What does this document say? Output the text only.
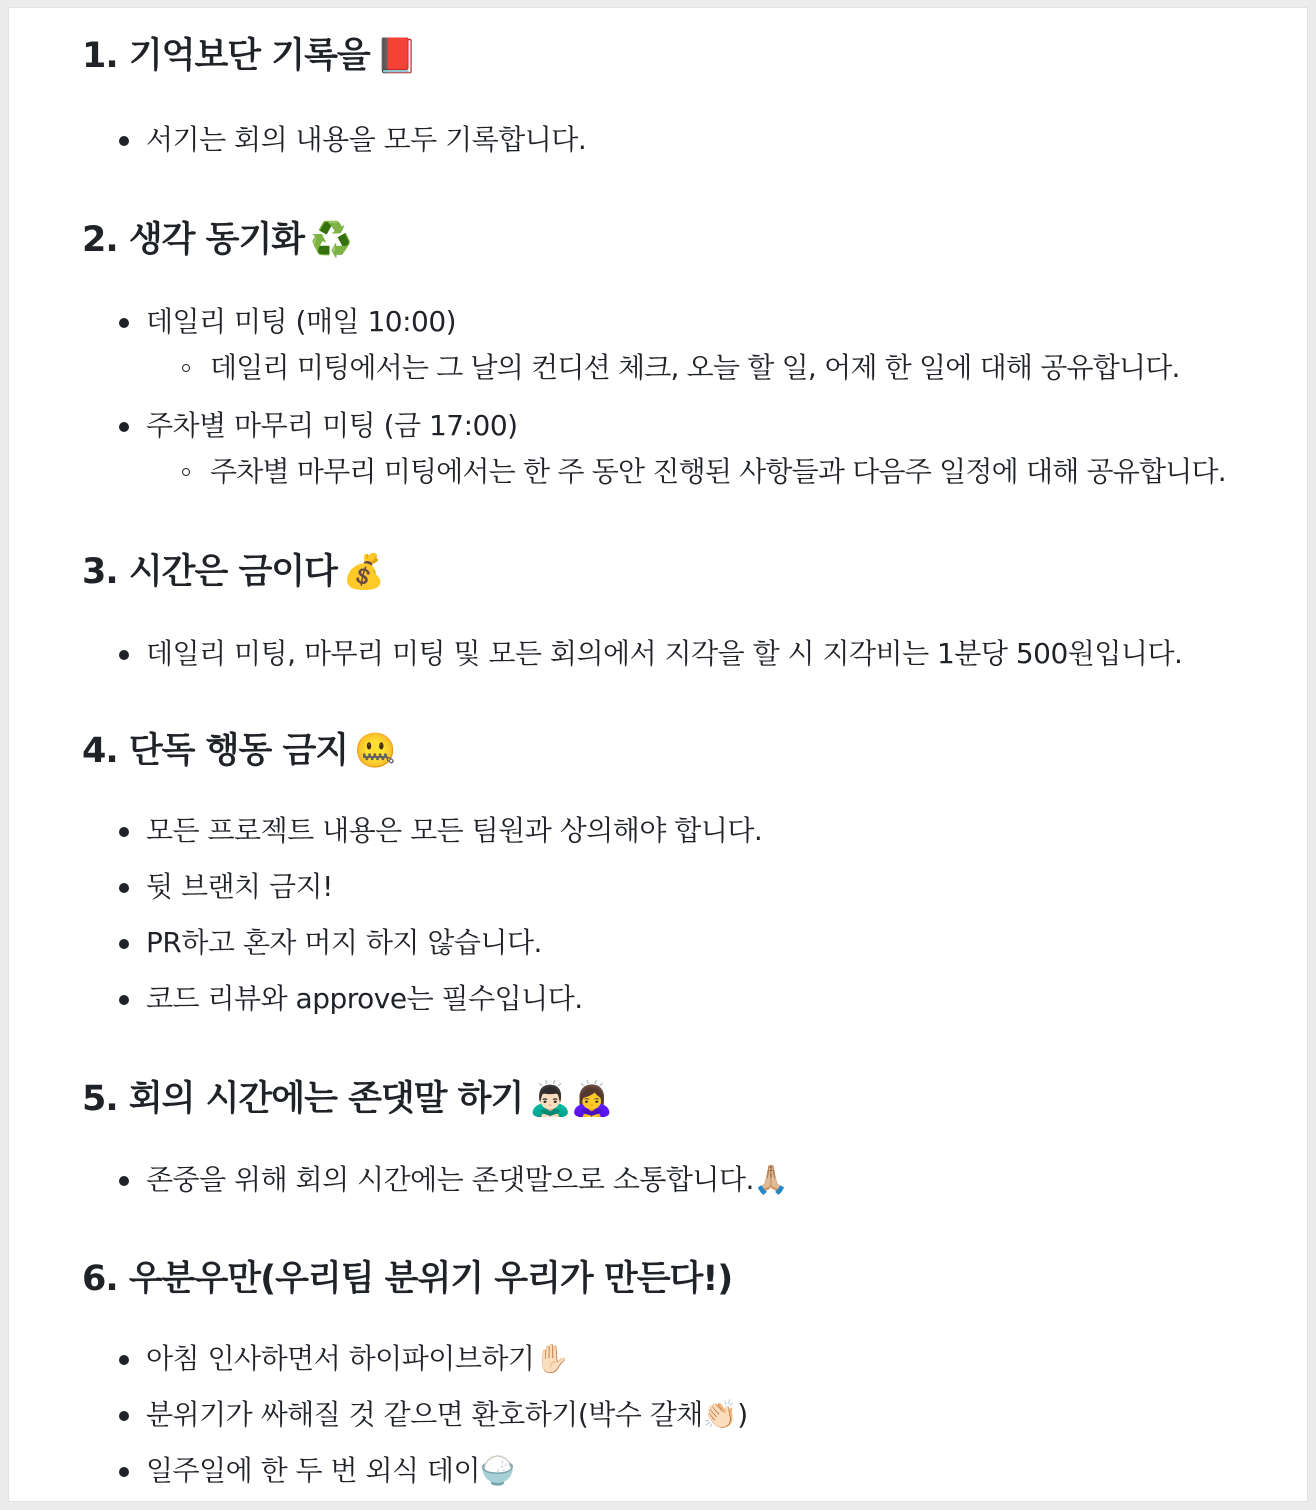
1. 기억보단 기록을 📕
서기는 회의 내용을 모두 기록합니다.
2. 생각 동기화 ♻️
데일리 미팅 (매일 10:00)
데일리 미팅에서는 그 날의 컨디션 체크, 오늘 할 일, 어제 한 일에 대해 공유합니다.
주차별 마무리 미팅 (금 17:00)
주차별 마무리 미팅에서는 한 주 동안 진행된 사항들과 다음주 일정에 대해 공유합니다.
3. 시간은 금이다 💰
데일리 미팅, 마무리 미팅 및 모든 회의에서 지각을 할 시 지각비는 1분당 500원입니다.
4. 단독 행동 금지 🤐
모든 프로젝트 내용은 모든 팀원과 상의해야 합니다.
뒷 브랜치 금지!
PR하고 혼자 머지 하지 않습니다.
코드 리뷰와 approve는 필수입니다.
5. 회의 시간에는 존댓말 하기 🙇🏻‍♂️🙇‍♀️
존중을 위해 회의 시간에는 존댓말으로 소통합니다.🙏🏼
6. 우분우만(우리팀 분위기 우리가 만든다!)
아침 인사하면서 하이파이브하기✋🏻
분위기가 싸해질 것 같으면 환호하기(박수 갈채👏🏻)
일주일에 한 두 번 외식 데이🍚
